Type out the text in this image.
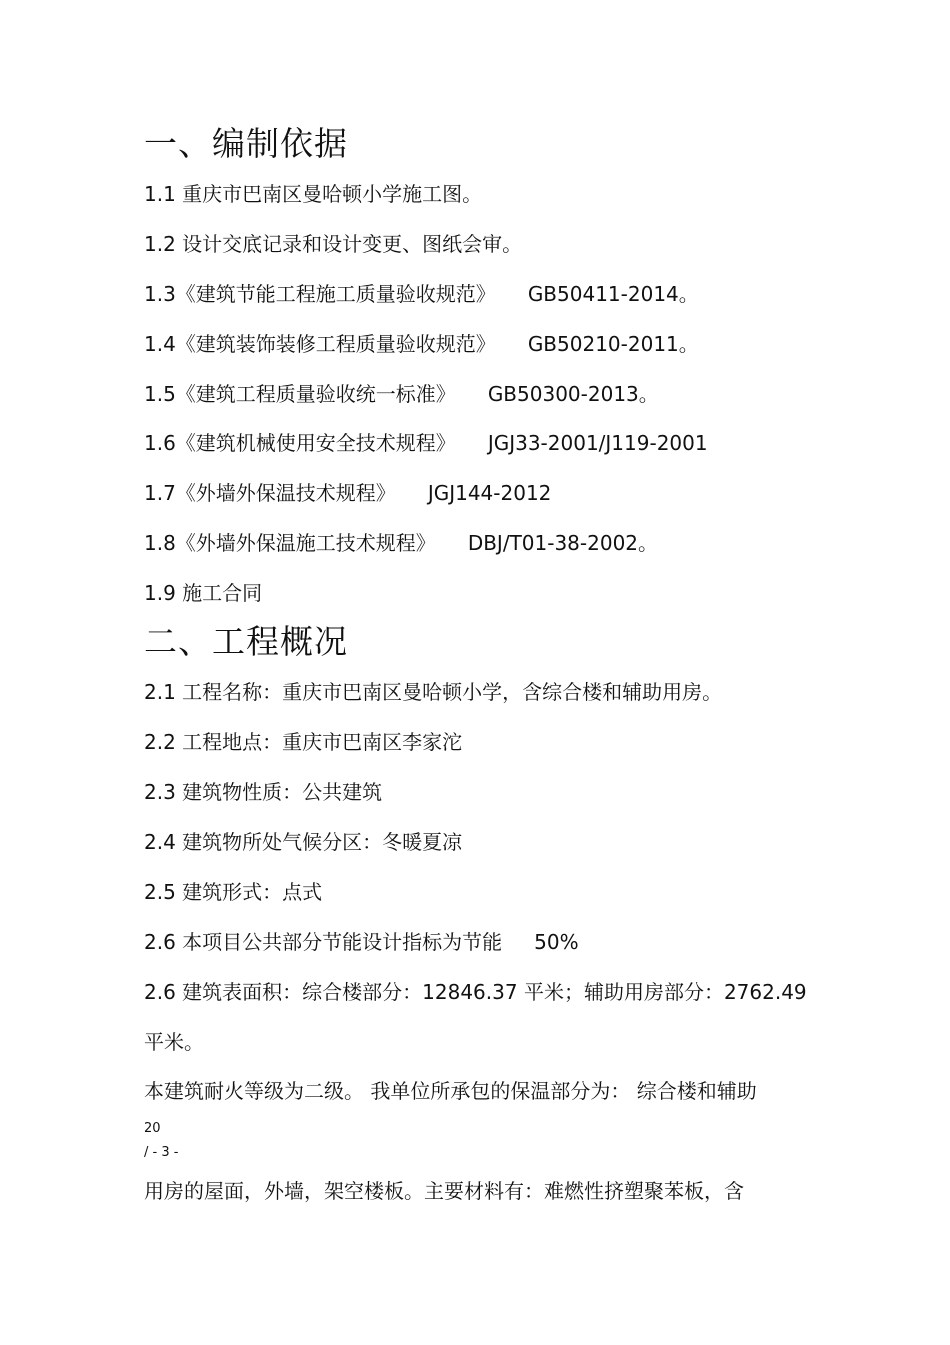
一、编制依据
1.1 重庆市巴南区曼哈顿小学施工图。
1.2 设计交底记录和设计变更、图纸会审。
1.3《建筑节能工程施工质量验收规范》 GB50411-2014。
1.4《建筑装饰装修工程质量验收规范》 GB50210-2011。
1.5《建筑工程质量验收统一标准》 GB50300-2013。
1.6《建筑机械使用安全技术规程》 JGJ33-2001/J119-2001
1.7《外墙外保温技术规程》 JGJ144-2012
1.8《外墙外保温施工技术规程》 DBJ/T01-38-2002。
1.9 施工合同
二、工程概况
2.1 工程名称：重庆市巴南区曼哈顿小学，含综合楼和辅助用房。
2.2 工程地点：重庆市巴南区李家沱
2.3 建筑物性质：公共建筑
2.4 建筑物所处气候分区：冬暖夏凉
2.5 建筑形式：点式
2.6 本项目公共部分节能设计指标为节能 50%
2.6 建筑表面积：综合楼部分：12846.37 平米；辅助用房部分：2762.49
平米。
本建筑耐火等级为二级。 我单位所承包的保温部分为： 综合楼和辅助
20
/ - 3 -
用房的屋面，外墙，架空楼板。主要材料有：难燃性挤塑聚苯板，含
